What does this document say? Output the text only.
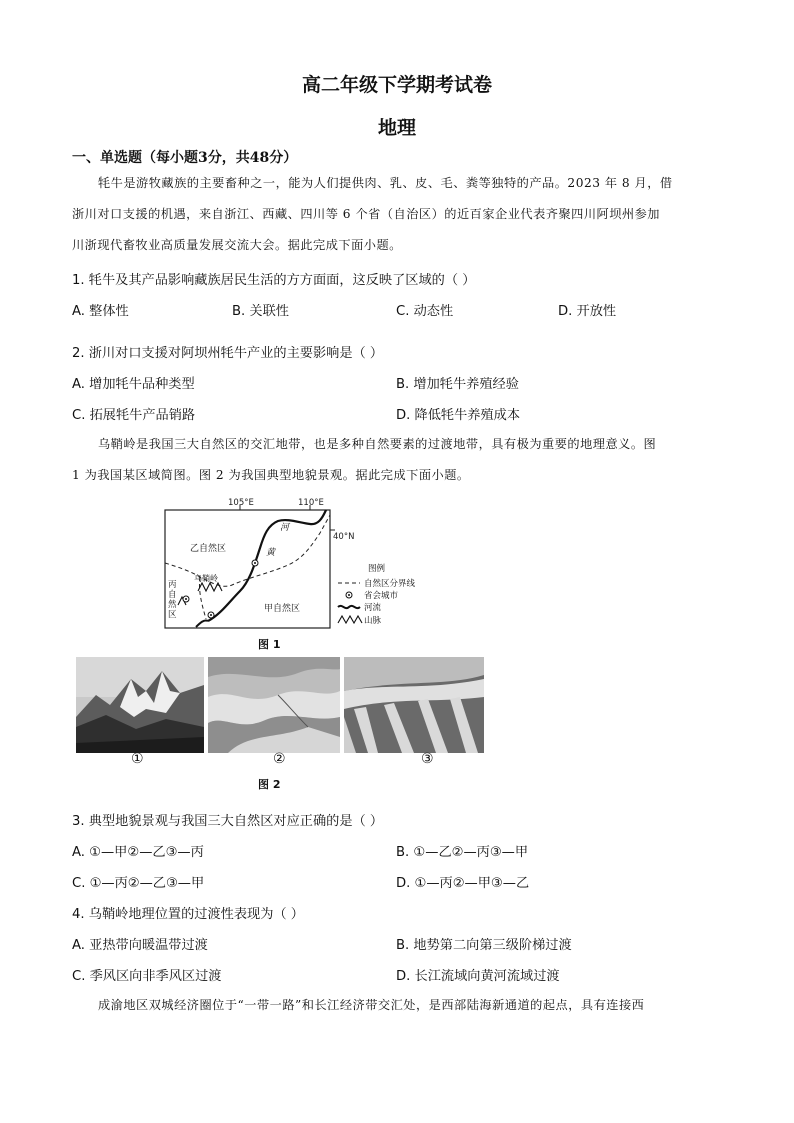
高二年级下学期考试卷
地理
一、单选题（每小题3分，共48分）
牦牛是游牧藏族的主要畜种之一，能为人们提供肉、乳、皮、毛、粪等独特的产品。2023 年 8 月，借
浙川对口支援的机遇，来自浙江、西藏、四川等 6 个省（自治区）的近百家企业代表齐聚四川阿坝州参加
川浙现代畜牧业高质量发展交流大会。据此完成下面小题。
1. 牦牛及其产品影响藏族居民生活的方方面面，这反映了区域的（ ）
A. 整体性	B. 关联性	C. 动态性	D. 开放性
2. 浙川对口支援对阿坝州牦牛产业的主要影响是（ ）
A. 增加牦牛品种类型	B. 增加牦牛养殖经验
C. 拓展牦牛产品销路	D. 降低牦牛养殖成本
乌鞘岭是我国三大自然区的交汇地带，也是多种自然要素的过渡地带，具有极为重要的地理意义。图
1 为我国某区域简图。图 2 为我国典型地貌景观。据此完成下面小题。
105°E	110°E
40°N
河
黄
乙自然区
甲自然区
乌鞘岭
丙
自
然
区
图例
自然区分界线
省会城市
河流
山脉
图 1
①	②	③
图 2
3. 典型地貌景观与我国三大自然区对应正确的是（ ）
A. ①—甲②—乙③—丙	B. ①—乙②—丙③—甲
C. ①—丙②—乙③—甲	D. ①—丙②—甲③—乙
4. 乌鞘岭地理位置的过渡性表现为（ ）
A. 亚热带向暖温带过渡	B. 地势第二向第三级阶梯过渡
C. 季风区向非季风区过渡	D. 长江流域向黄河流域过渡
成渝地区双城经济圈位于“一带一路”和长江经济带交汇处，是西部陆海新通道的起点，具有连接西
